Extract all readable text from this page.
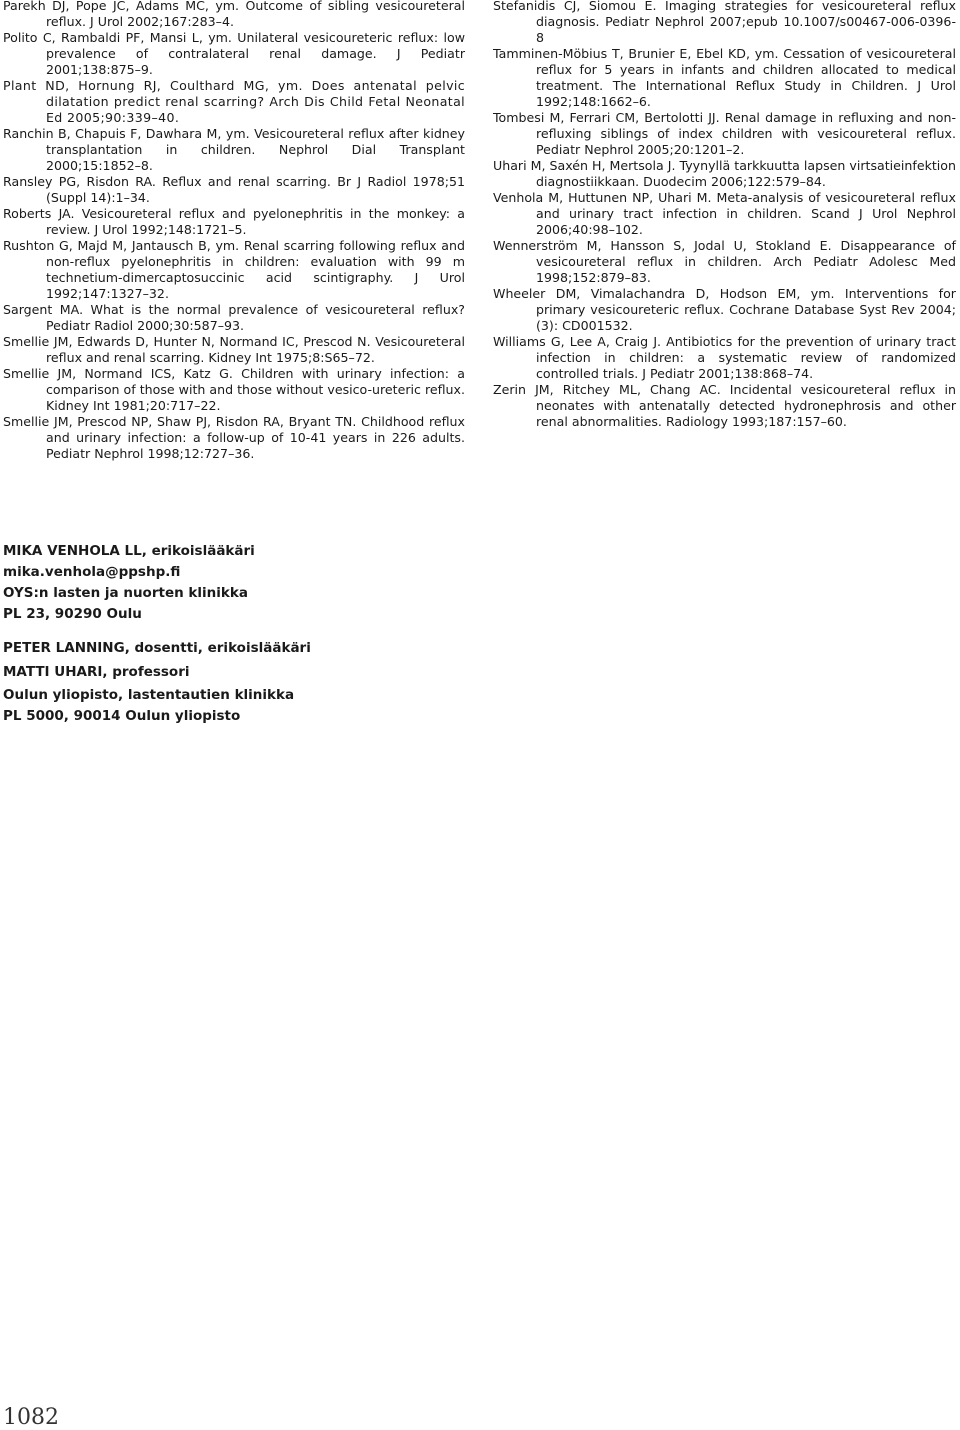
Parekh DJ, Pope JC, Adams MC, ym. Outcome of sibling vesicoureteral reflux. J Urol 2002;167:283–4.

Polito C, Rambaldi PF, Mansi L, ym. Unilateral vesicoureteric reflux: low prevalence of contralateral renal damage. J Pediatr 2001;138:875–9.

Plant ND, Hornung RJ, Coulthard MG, ym. Does antenatal pelvic dilatation predict renal scarring? Arch Dis Child Fetal Neonatal Ed 2005;90:339–40.

Ranchin B, Chapuis F, Dawhara M, ym. Vesicoureteral reflux after kidney transplantation in children. Nephrol Dial Transplant 2000;15:1852–8.

Ransley PG, Risdon RA. Reflux and renal scarring. Br J Radiol 1978;51 (Suppl 14):1–34.

Roberts JA. Vesicoureteral reflux and pyelonephritis in the monkey: a review. J Urol 1992;148:1721–5.

Rushton G, Majd M, Jantausch B, ym. Renal scarring following reflux and non-reflux pyelonephritis in children: evaluation with 99 m technetium-dimercaptosuccinic acid scintigraphy. J Urol 1992;147:1327–32.

Sargent MA. What is the normal prevalence of vesicoureteral reflux? Pediatr Radiol 2000;30:587–93.

Smellie JM, Edwards D, Hunter N, Normand IC, Prescod N. Vesicoureteral reflux and renal scarring. Kidney Int 1975;8:S65–72.

Smellie JM, Normand ICS, Katz G. Children with urinary infection: a comparison of those with and those without vesico-ureteric reflux. Kidney Int 1981;20:717–22.

Smellie JM, Prescod NP, Shaw PJ, Risdon RA, Bryant TN. Childhood reflux and urinary infection: a follow-up of 10-41 years in 226 adults. Pediatr Nephrol 1998;12:727–36.

Stefanidis CJ, Siomou E. Imaging strategies for vesicoureteral reflux diagnosis. Pediatr Nephrol 2007;epub 10.1007/s00467-006-0396-8

Tamminen-Möbius T, Brunier E, Ebel KD, ym. Cessation of vesicoureteral reflux for 5 years in infants and children allocated to medical treatment. The International Reflux Study in Children. J Urol 1992;148:1662–6.

Tombesi M, Ferrari CM, Bertolotti JJ. Renal damage in refluxing and non-refluxing siblings of index children with vesicoureteral reflux. Pediatr Nephrol 2005;20:1201–2.

Uhari M, Saxén H, Mertsola J. Tyynyllä tarkkuutta lapsen virtsatieinfektion diagnostiikkaan. Duodecim 2006;122:579–84.

Venhola M, Huttunen NP, Uhari M. Meta-analysis of vesicoureteral reflux and urinary tract infection in children. Scand J Urol Nephrol 2006;40:98–102.

Wennerström M, Hansson S, Jodal U, Stokland E. Disappearance of vesicoureteral reflux in children. Arch Pediatr Adolesc Med 1998;152:879–83.

Wheeler DM, Vimalachandra D, Hodson EM, ym. Interventions for primary vesicoureteric reflux. Cochrane Database Syst Rev 2004;(3): CD001532.

Williams G, Lee A, Craig J. Antibiotics for the prevention of urinary tract infection in children: a systematic review of randomized controlled trials. J Pediatr 2001;138:868–74.

Zerin JM, Ritchey ML, Chang AC. Incidental vesicoureteral reflux in neonates with antenatally detected hydronephrosis and other renal abnormalities. Radiology 1993;187:157–60.

MIKA VENHOLA LL, erikoislääkäri

mika.venhola@ppshp.fi

OYS:n lasten ja nuorten klinikka

PL 23, 90290 Oulu

PETER LANNING, dosentti, erikoislääkäri

MATTI UHARI, professori

Oulun yliopisto, lastentautien klinikka

PL 5000, 90014 Oulun yliopisto

1082
